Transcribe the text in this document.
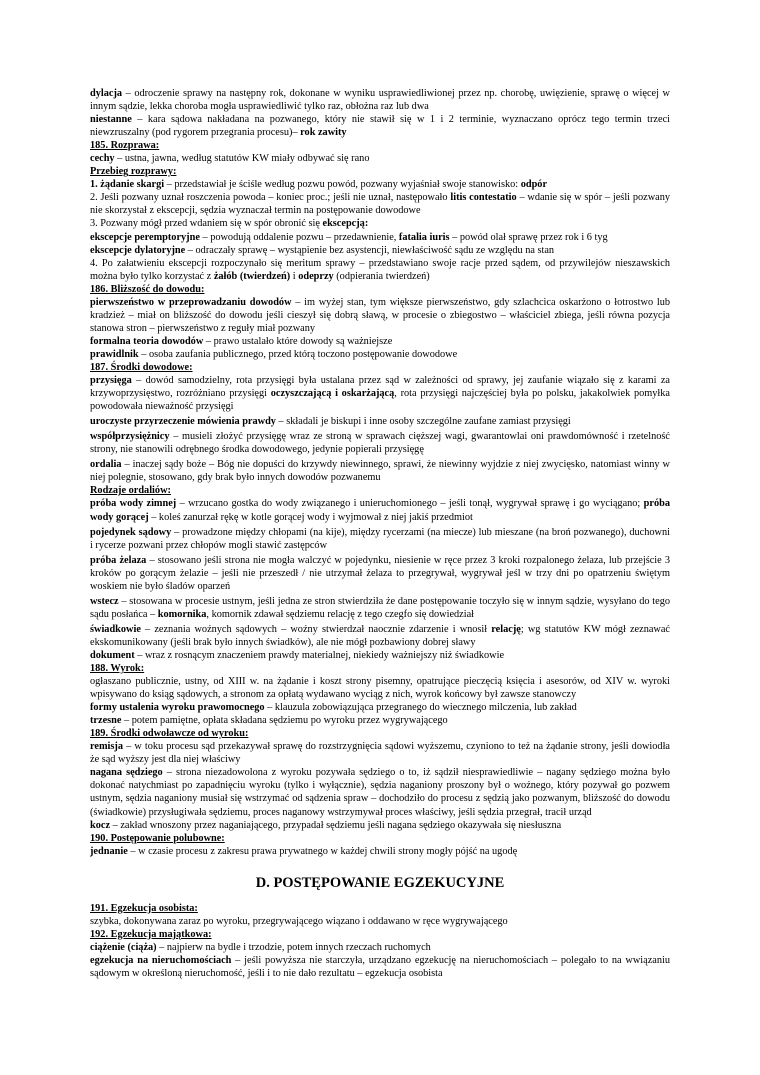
dylacja – odroczenie sprawy na następny rok, dokonane w wyniku usprawiedliwionej przez np. chorobę, uwięzienie, sprawę o więcej w innym sądzie, lekka choroba mogła usprawiedliwić tylko raz, obłożna raz lub dwa

niestanne – kara sądowa nakładana na pozwanego, który nie stawił się w 1 i 2 terminie, wyznaczano oprócz tego termin trzeci niewzruszalny (pod rygorem przegrania procesu)– rok zawity

185. Rozprawa:

cechy – ustna, jawna, według statutów KW miały odbywać się rano

Przebieg rozprawy:

1. żądanie skargi – przedstawiał je ściśle według pozwu powód, pozwany wyjaśniał swoje stanowisko: odpór

2. Jeśli pozwany uznał roszczenia powoda – koniec proc.; jeśli nie uznał, następowało litis contestatio – wdanie się w spór – jeśli pozwany nie skorzystał z ekscepcji, sędzia wyznaczał termin na postępowanie dowodowe

3. Pozwany mógł przed wdaniem się w spór obronić się ekscepcją:

ekscepcje peremptoryjne – powodują oddalenie pozwu – przedawnienie, fatalia iuris – powód olał sprawę przez rok i 6 tyg

ekscepcje dylatoryjne – odraczały sprawę – wystąpienie bez asystencji, niewłaściwość sądu ze względu na stan

4. Po załatwieniu ekscepcji rozpoczynało się meritum sprawy – przedstawiano swoje racje przed sądem, od przywilejów nieszawskich można było tylko korzystać z żałób (twierdzeń) i odeprzy (odpierania twierdzeń)

186. Bliższość do dowodu:

pierwszeństwo w przeprowadzaniu dowodów – im wyżej stan, tym większe pierwszeństwo, gdy szlachcica oskarżono o łotrostwo lub kradzież – miał on bliższość do dowodu jeśli cieszył się dobrą sławą, w procesie o zbiegostwo – właściciel zbiega, jeśli równa pozycja stanowa stron – pierwszeństwo z reguły miał pozwany

formalna teoria dowodów – prawo ustalało które dowody są ważniejsze

prawidlnik – osoba zaufania publicznego, przed którą toczono postępowanie dowodowe

187. Środki dowodowe:

przysięga – dowód samodzielny, rota przysięgi była ustalana przez sąd w zależności od sprawy, jej zaufanie wiązało się z karami za krzywoprzysięstwo, rozróżniano przysięgi oczyszczającą i oskarżającą, rota przysięgi najczęściej była po polsku, jakakolwiek pomyłka powodowała nieważność przysięgi

uroczyste przyrzeczenie mówienia prawdy – składali je biskupi i inne osoby szczególne zaufane zamiast przysięgi

współprzysiężnicy – musieli złożyć przysięgę wraz ze stroną w sprawach cięższej wagi, gwarantowlai oni prawdomówność i rzetelność strony, nie stanowili odrębnego środka dowodowego, jedynie popierali przysięgę

ordalia – inaczej sądy boże – Bóg nie dopuści do krzywdy niewinnego, sprawi, że niewinny wyjdzie z niej zwycięsko, natomiast winny w niej polegnie, stosowano, gdy brak było innych dowodów pozwanemu

Rodzaje ordaliów:

próba wody zimnej – wrzucano gostka do wody związanego i unieruchomionego – jeśli tonął, wygrywał sprawę i go wyciągano; próba wody gorącej – koleś zanurzał rękę w kotle gorącej wody i wyjmował z niej jakiś przedmiot

pojedynek sądowy – prowadzone między chłopami (na kije), między rycerzami (na miecze) lub mieszane (na broń pozwanego), duchowni i rycerze pozwani przez chłopów mogli stawić zastępców

próba żelaza – stosowano jeśli strona nie mogła walczyć w pojedynku, niesienie w ręce przez 3 kroki rozpalonego żelaza, lub przejście 3 kroków po gorącym żelazie – jeśli nie przeszedł / nie utrzymał żelaza to przegrywał, wygrywał jeśl w trzy dni po opatrzeniu świętym woskiem nie było śladów oparzeń

wstecz – stosowana w procesie ustnym, jeśli jedna ze stron stwierdziła że dane postępowanie toczyło się w innym sądzie, wysyłano do tego sądu posłańca – komornika, komornik zdawał sędziemu relację z tego czegfo się dowiedział

świadkowie – zeznania woźnych sądowych – woźny stwierdzał naocznie zdarzenie i wnosił relację; wg statutów KW mógł zeznawać ekskomunikowany (jeśli brak było innych świadków), ale nie mógł pozbawiony dobrej sławy

dokument – wraz z rosnącym znaczeniem prawdy materialnej, niekiedy ważniejszy niż świadkowie

188. Wyrok:

ogłaszano publicznie, ustny, od XIII w. na żądanie i koszt strony pisemny, opatrujące pieczęcią księcia i asesorów, od XIV w. wyroki wpisywano do ksiąg sądowych, a stronom za opłatą wydawano wyciąg z nich, wyrok końcowy był zawsze stanowczy

formy ustalenia wyroku prawomocnego – klauzula zobowiązująca przegranego do wiecznego milczenia, lub zakład

trzesne – potem pamiętne, opłata składana sędziemu po wyroku przez wygrywającego

189. Środki odwoławcze od wyroku:

remisja – w toku procesu sąd przekazywał sprawę do rozstrzygnięcia sądowi wyższemu, czyniono to też na żądanie strony, jeśli dowiodła że sąd wyższy jest dla niej właściwy

nagana sędziego – strona niezadowolona z wyroku pozywała sędziego o to, iż sądził niesprawiedliwie – nagany sędziego można było dokonać natychmiast po zapadnięciu wyroku (tylko i wyłącznie), sędzia naganiony proszony był o woźnego, który pozywał go pozwem ustnym, sędzia naganiony musiał się wstrzymać od sądzenia spraw – dochodziło do procesu z sędzią jako pozwanym, bliższość do dowodu (świadkowie) przysługiwała sędziemu, proces naganowy wstrzymywał proces właściwy, jeśli sędzia przegrał, tracił urząd

kocz – zakład wnoszony przez naganiającego, przypadał sędziemu jeśli nagana sędziego okazywała się niesłuszna

190. Postępowanie polubowne:

jednanie – w czasie procesu z zakresu prawa prywatnego w każdej chwili strony mogły pójść na ugodę

D. POSTĘPOWANIE EGZEKUCYJNE

191. Egzekucja osobista:

szybka, dokonywana zaraz po wyroku, przegrywającego wiązano i oddawano w ręce wygrywającego

192. Egzekucja majątkowa:

ciążenie (ciąża) – najpierw na bydle i trzodzie, potem innych rzeczach ruchomych

egzekucja na nieruchomościach – jeśli powyższa nie starczyła, urządzano egzekucję na nieruchomościach – polegało to na wwiązaniu sądowym w określoną nieruchomość, jeśli i to nie dało rezultatu – egzekucja osobista
